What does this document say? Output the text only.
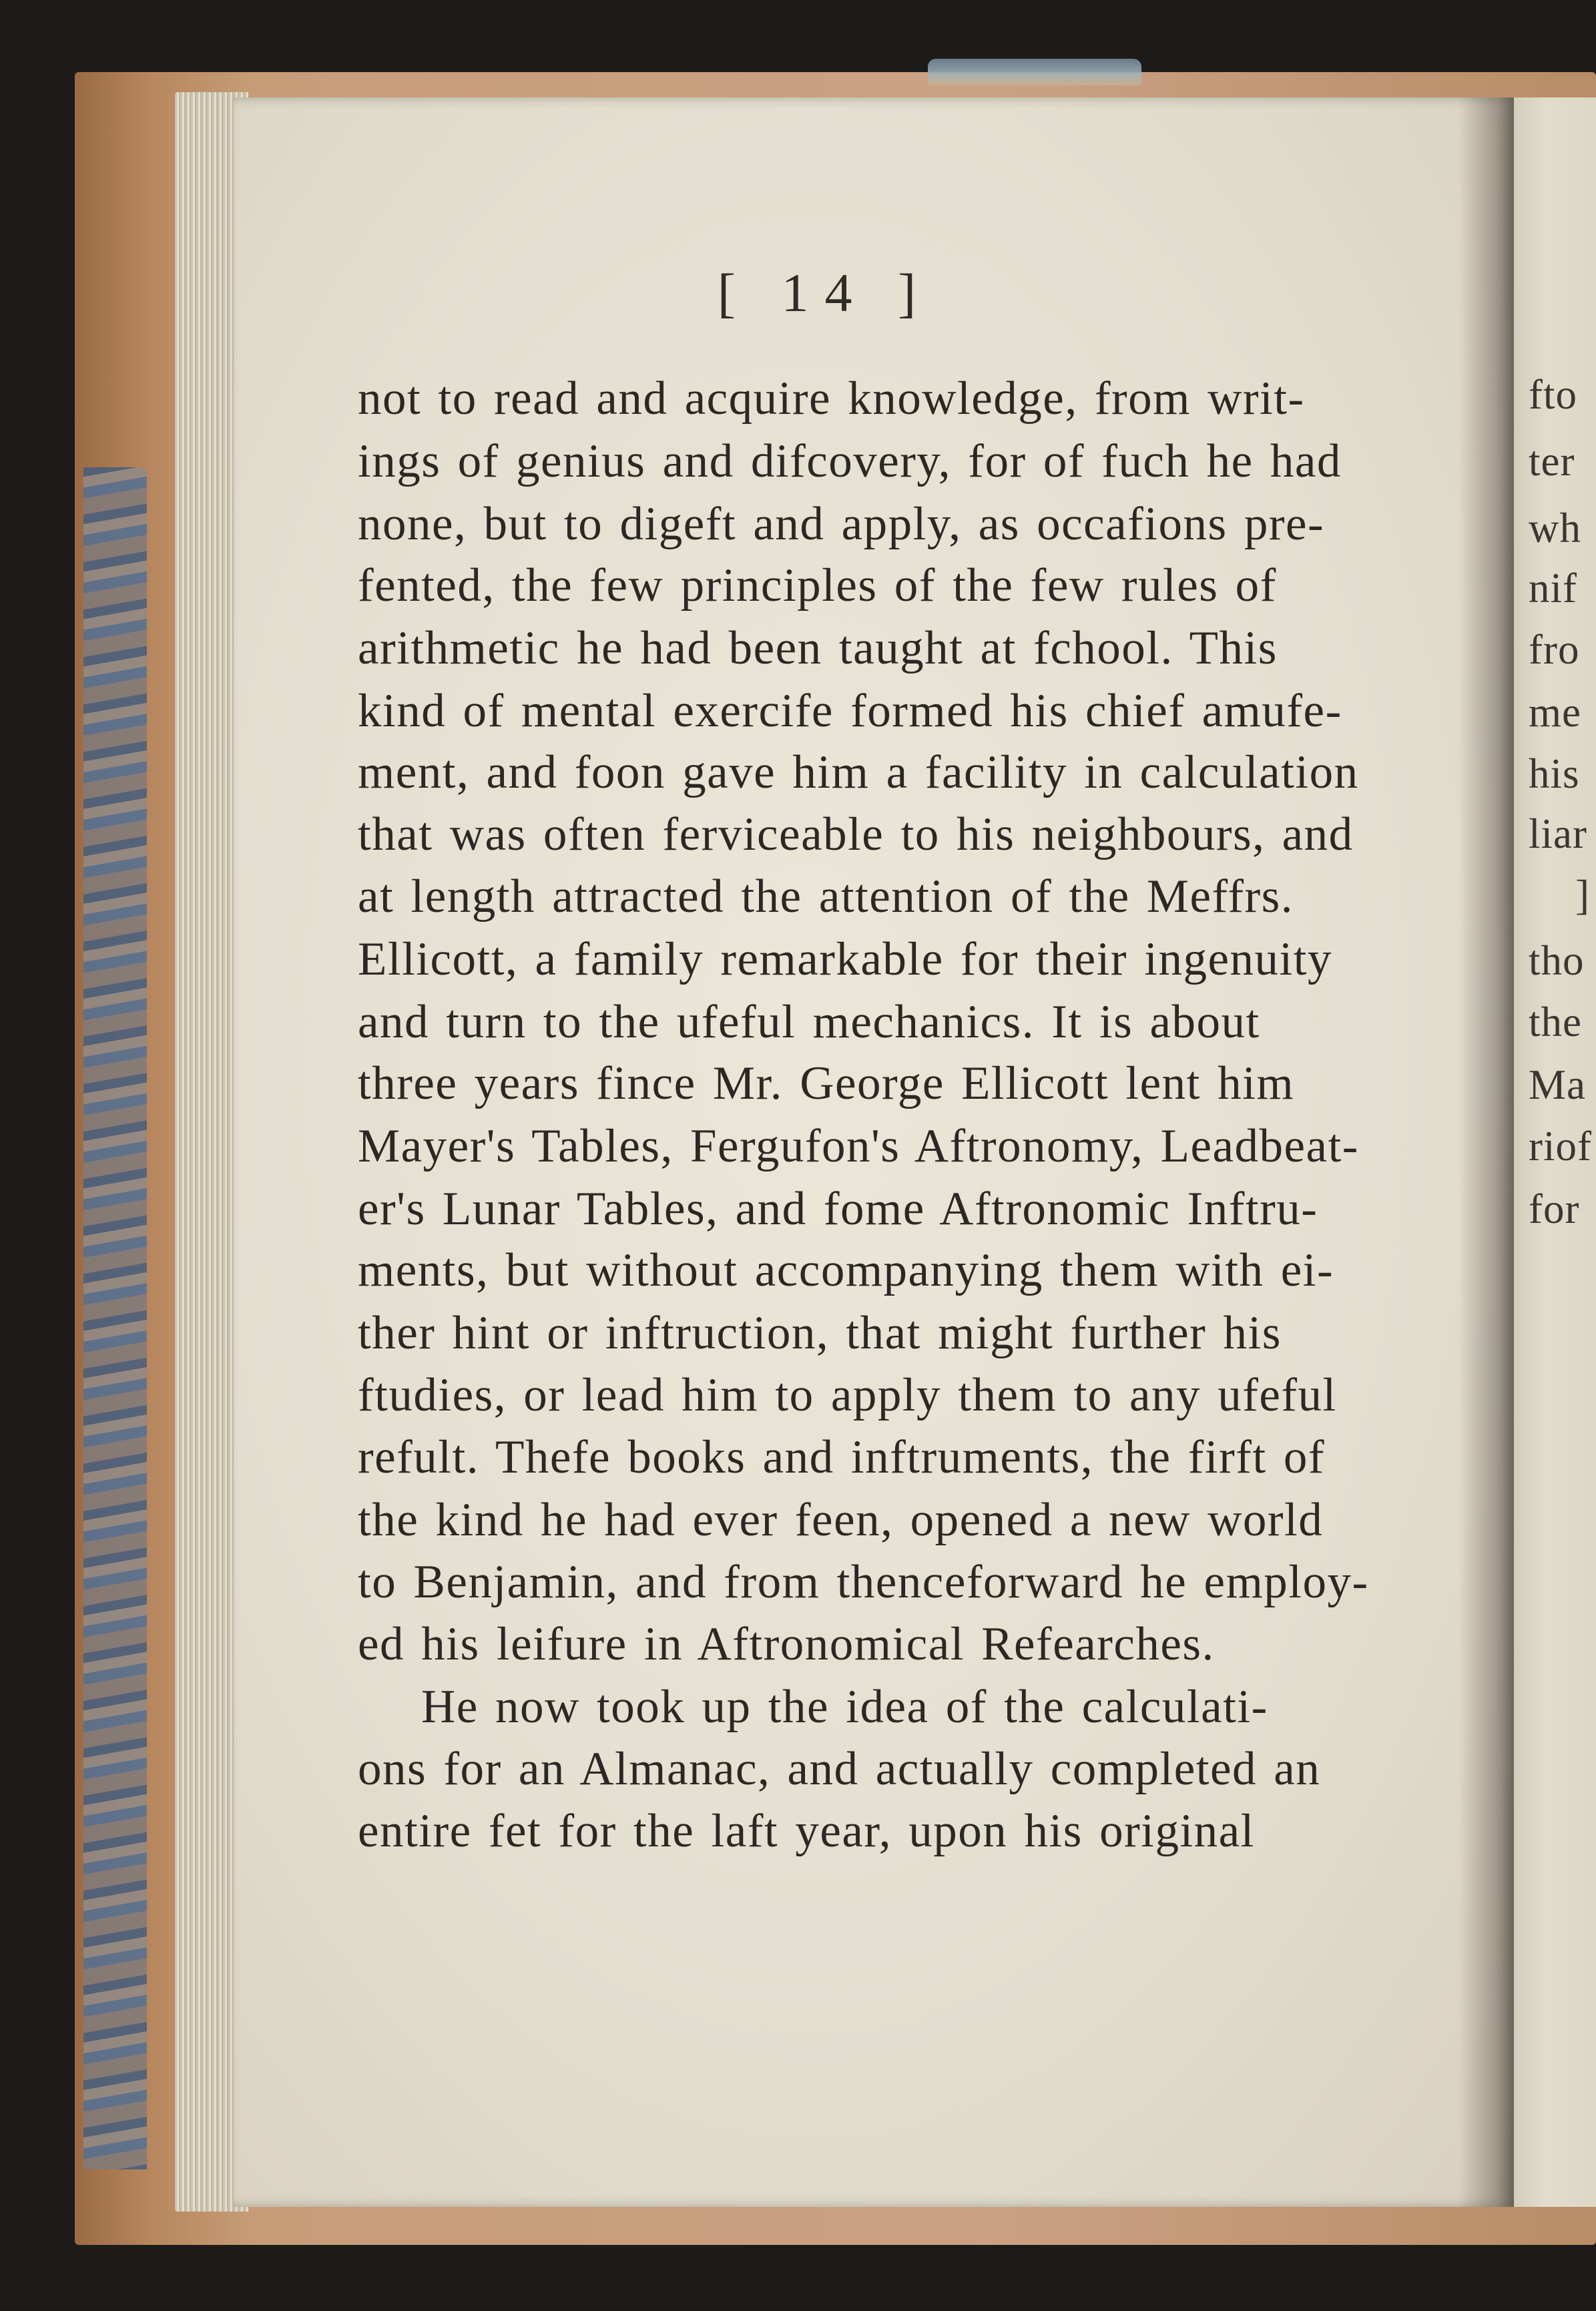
[ 14 ]
not to read and acquire knowledge, from writ-
ings of genius and difcovery, for of fuch he had
none, but to digeft and apply, as occafions pre-
fented, the few principles of the few rules of
arithmetic he had been taught at fchool. This
kind of mental exercife formed his chief amufe-
ment, and foon gave him a facility in calculation
that was often ferviceable to his neighbours, and
at length attracted the attention of the Meffrs.
Ellicott, a family remarkable for their ingenuity
and turn to the ufeful mechanics. It is about
three years fince Mr. George Ellicott lent him
Mayer's Tables, Fergufon's Aftronomy, Leadbeat-
er's Lunar Tables, and fome Aftronomic Inftru-
ments, but without accompanying them with ei-
ther hint or inftruction, that might further his
ftudies, or lead him to apply them to any ufeful
refult. Thefe books and inftruments, the firft of
the kind he had ever feen, opened a new world
to Benjamin, and from thenceforward he employ-
ed his leifure in Aftronomical Refearches.
He now took up the idea of the calculati-
ons for an Almanac, and actually completed an
entire fet for the laft year, upon his original
fto
ter
wh
nif
fro
me
his
liar
]
tho
the
Ma
riof
for
